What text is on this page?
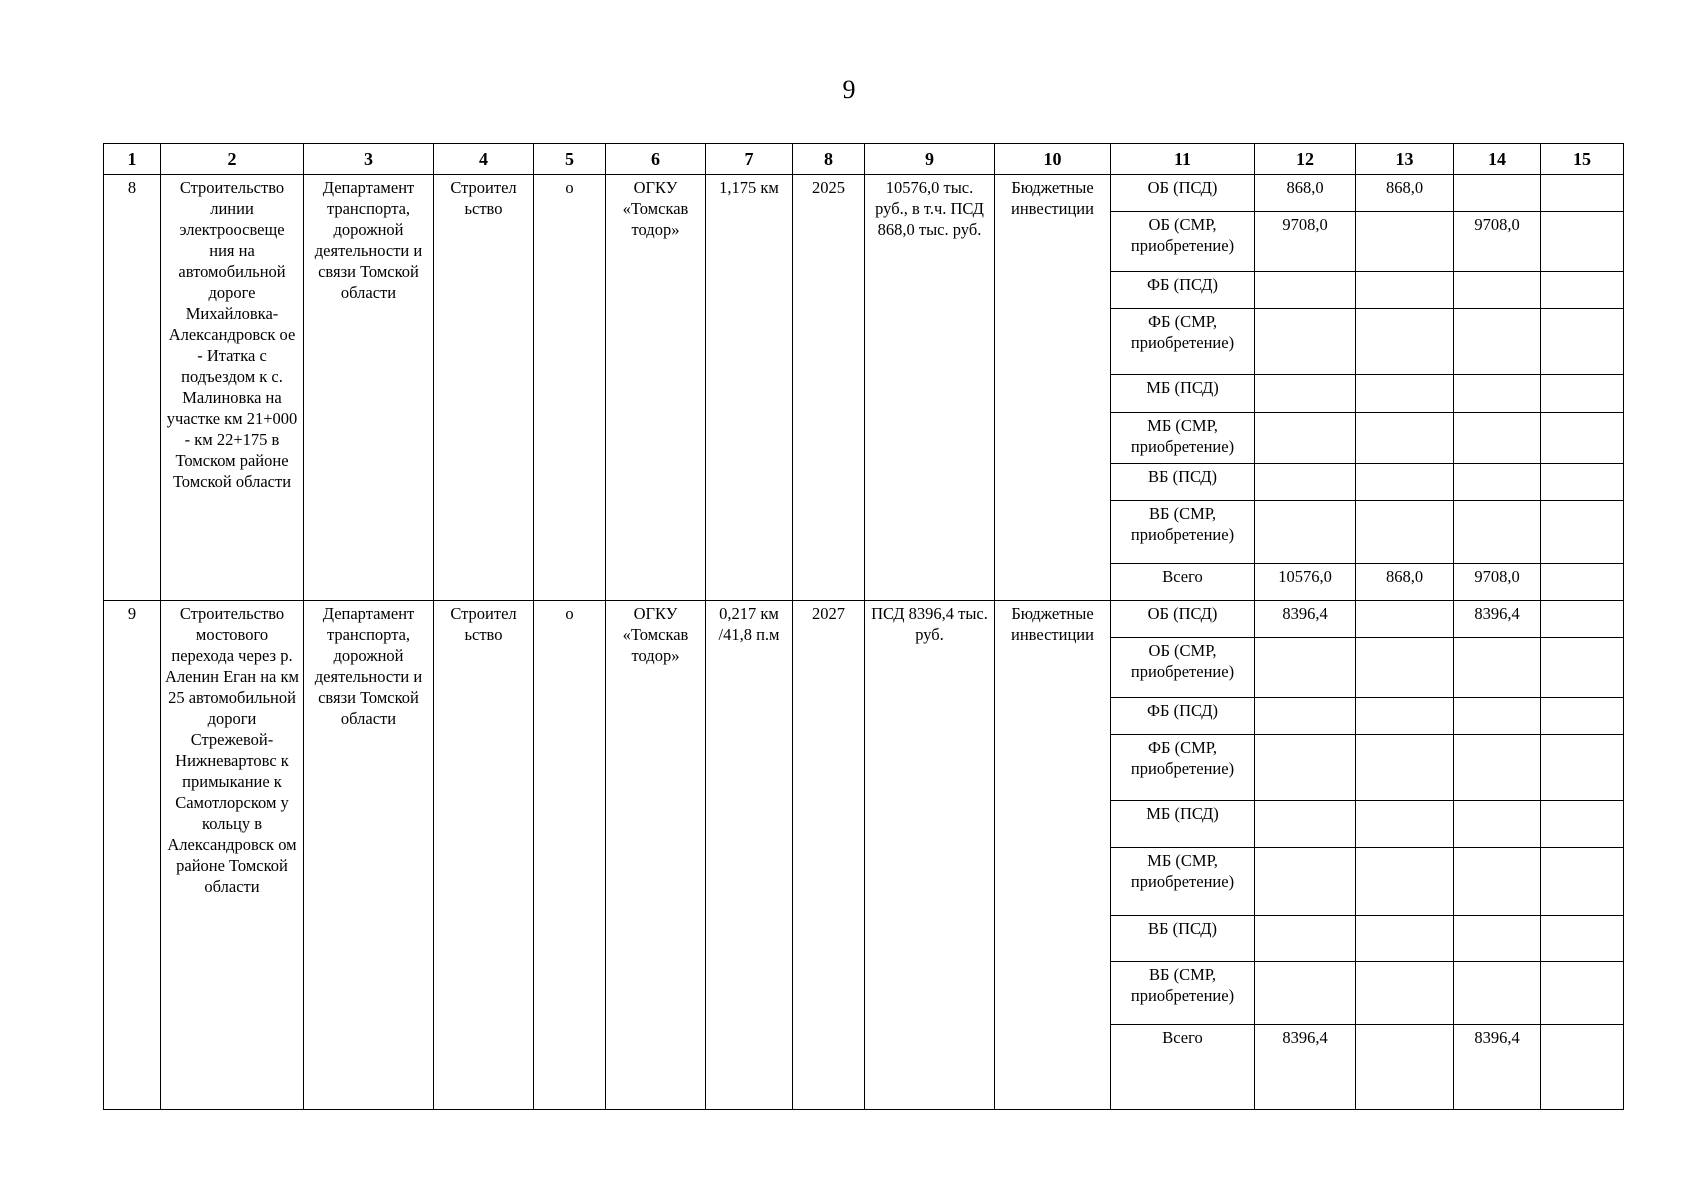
9
1	2	3	4	5	6	7	8	9	10	11	12	13	14	15
8	Строительство линии электроосвеще ния на автомобильной дороге Михайловка-Александровск ое - Итатка с подъездом к с. Малиновка на участке км 21+000 - км 22+175 в Томском районе Томской области	Департамент транспорта, дорожной деятельности и связи Томской области	Строител ьство	о	ОГКУ «Томскав тодор»	1,175 км	2025	10576,0 тыс. руб., в т.ч. ПСД 868,0 тыс. руб.	Бюджетные инвестиции	ОБ (ПСД)	868,0	868,0		
										ОБ (СМР, приобретение)	9708,0		9708,0	
										ФБ (ПСД)				
										ФБ (СМР, приобретение)				
										МБ (ПСД)				
										МБ (СМР, приобретение)				
										ВБ (ПСД)				
										ВБ (СМР, приобретение)				
										Всего	10576,0	868,0	9708,0	
9	Строительство мостового перехода через р. Аленин Еган на км 25 автомобильной дороги Стрежевой-Нижневартовс к примыкание к Самотлорском у кольцу в Александровск ом районе Томской области	Департамент транспорта, дорожной деятельности и связи Томской области	Строител ьство	о	ОГКУ «Томскав тодор»	0,217 км /41,8 п.м	2027	ПСД 8396,4 тыс. руб.	Бюджетные инвестиции	ОБ (ПСД)	8396,4		8396,4	
										ОБ (СМР, приобретение)				
										ФБ (ПСД)				
										ФБ (СМР, приобретение)				
										МБ (ПСД)				
										МБ (СМР, приобретение)				
										ВБ (ПСД)				
										ВБ (СМР, приобретение)				
										Всего	8396,4		8396,4	
